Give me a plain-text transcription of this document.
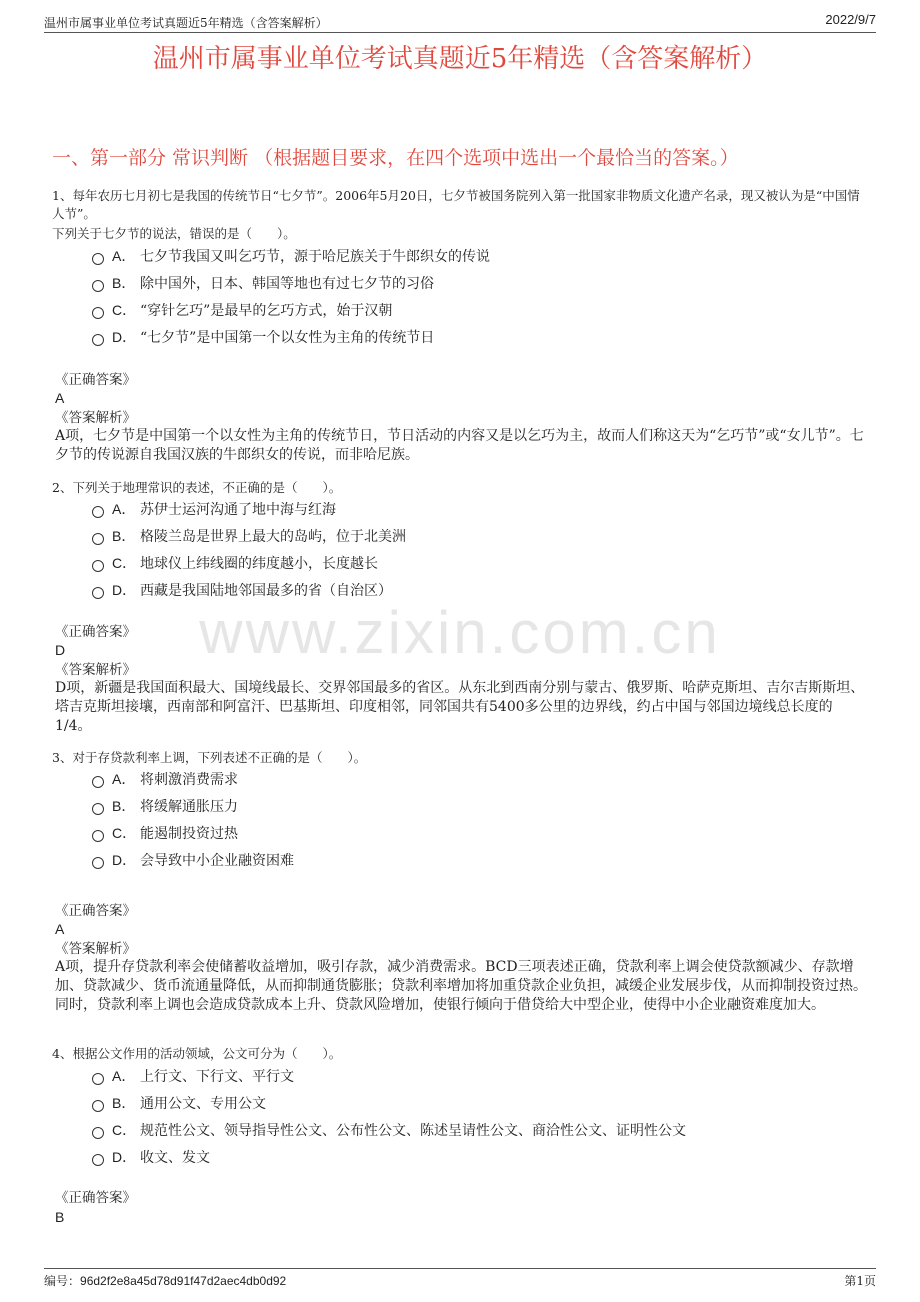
温州市属事业单位考试真题近5年精选（含答案解析）	2022/9/7
温州市属事业单位考试真题近5年精选（含答案解析）
一、第一部分 常识判断 （根据题目要求，在四个选项中选出一个最恰当的答案。）
www.zixin.com.cn
1、每年农历七月初七是我国的传统节日“七夕节”。2006年5月20日，七夕节被国务院列入第一批国家非物质文化遗产名录，现又被认为是“中国情人节”。
下列关于七夕节的说法，错误的是（　　）。
A． 七夕节我国又叫乞巧节，源于哈尼族关于牛郎织女的传说
B． 除中国外，日本、韩国等地也有过七夕节的习俗
C． “穿针乞巧”是最早的乞巧方式，始于汉朝
D． “七夕节”是中国第一个以女性为主角的传统节日
《正确答案》
A
《答案解析》
A项，七夕节是中国第一个以女性为主角的传统节日，节日活动的内容又是以乞巧为主，故而人们称这天为“乞巧节”或“女儿节”。七夕节的传说源自我国汉族的牛郎织女的传说，而非哈尼族。
2、下列关于地理常识的表述，不正确的是（　　）。
A． 苏伊士运河沟通了地中海与红海
B． 格陵兰岛是世界上最大的岛屿，位于北美洲
C． 地球仪上纬线圈的纬度越小，长度越长
D． 西藏是我国陆地邻国最多的省（自治区）
《正确答案》
D
《答案解析》
D项，新疆是我国面积最大、国境线最长、交界邻国最多的省区。从东北到西南分别与蒙古、俄罗斯、哈萨克斯坦、吉尔吉斯斯坦、塔吉克斯坦接壤，西南部和阿富汗、巴基斯坦、印度相邻，同邻国共有5400多公里的边界线，约占中国与邻国边境线总长度的1/4。
3、对于存贷款利率上调，下列表述不正确的是（　　）。
A． 将刺激消费需求
B． 将缓解通胀压力
C． 能遏制投资过热
D． 会导致中小企业融资困难
《正确答案》
A
《答案解析》
A项，提升存贷款利率会使储蓄收益增加，吸引存款，减少消费需求。BCD三项表述正确，贷款利率上调会使贷款额减少、存款增加、贷款减少、货币流通量降低，从而抑制通货膨胀；贷款利率增加将加重贷款企业负担，减缓企业发展步伐，从而抑制投资过热。同时，贷款利率上调也会造成贷款成本上升、贷款风险增加，使银行倾向于借贷给大中型企业，使得中小企业融资难度加大。
4、根据公文作用的活动领域，公文可分为（　　）。
A． 上行文、下行文、平行文
B． 通用公文、专用公文
C． 规范性公文、领导指导性公文、公布性公文、陈述呈请性公文、商洽性公文、证明性公文
D． 收文、发文
《正确答案》
B
编号：96d2f2e8a45d78d91f47d2aec4db0d92	第1页
